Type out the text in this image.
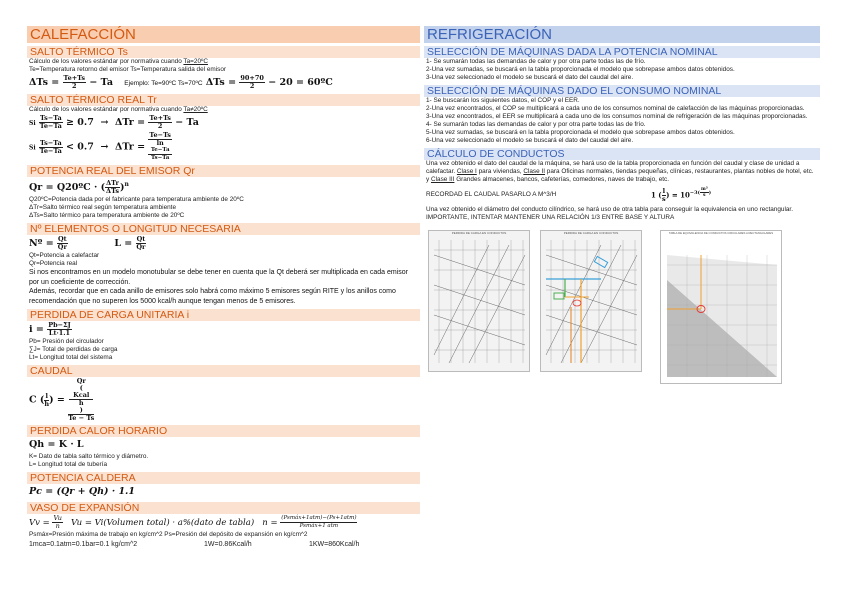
CALEFACCIÓN
SALTO TÉRMICO Ts
Cálculo de los valores estándar por normativa cuando Ta=20ºC
Te=Temperatura retorno del emisor Ts=Temperatura salida del emisor
$\Delta Ts = \frac{Te+Ts}{2} - Ta$ Ejemplo: Te=90ºC Ts=70ºC $\Delta Ts = \frac{90+70}{2} - 20$ = 60ºC
SALTO TÉRMICO REAL Tr
Cálculo de los valores estándar por normativa cuando Ta≠20ºC
Si $\frac{Ts-Ta}{Te-Ta} \ge 0.7 \to \Delta Tr = \frac{Te+Ts}{2} - Ta$
Si $\frac{Ts-Ta}{Te-Ta} < 0.7 \to \Delta Tr = Te-Ts$
ln
Te−Ta
Ts−Ta
POTENCIA REAL DEL EMISOR Qr
Qr = Q20ºC · ( $\frac{\text{ΔTr}}{\text{ΔTs}} )^n$
Q20ºC=Potencia dada por el fabricante para temperatura ambiente de 20ºC
ΔTr=Salto térmico real según temperatura ambiente
ΔTs=Salto térmico para temperatura ambiente de 20ºC
Nº ELEMENTOS O LONGITUD NECESARIA
Nº = $\frac{Qt}{Qr}$	$L = \frac{Qt}{Qr}$
Qt=Potencia a calefactar
Qr=Potencia real
Si nos encontramos en un modelo monotubular se debe tener en cuenta que la Qt deberá ser multiplicada en cada emisor por un coeficiente de corrección.
Además, recordar que en cada anillo de emisores solo habrá como máximo 5 emisores según RITE y los anillos como recomendación que no superen los 5000 kcal/h aunque tengan menos de 5 emisores.
PERDIDA DE CARGA UNITARIA i
$i = \frac{Pb-\Sigma J}{Lt\cdot 1.1}$
Pb= Presión del circulador
∑J= Total de perdidas de carga
Lt= Longitud total del sistema
CAUDAL
C ( $\frac{l}{h}$ ) = Qr
(
Kcal
h
)
Te − Ts
PERDIDA CALOR HORARIO
Qh = K · L
K= Dato de tabla salto térmico y diámetro.
L= Longitud total de tubería
POTENCIA CALDERA
Pc = (Qr + Qh) · 1.1
VASO DE EXPANSIÓN
$Vv = \frac{Vu}{n}$ Vu = Vi(Volumen total) · a%(dato de tabla) $n = \frac{\text{(Psmáx+1atm)−(Ps+1atm)}}{\text{Psmáx+1 atm}}$
Psmáx=Presión máxima de trabajo en kg/cm^2 Ps=Presión del depósito de expansión en kg/cm^2
1mca=0.1atm=0.1bar=0.1 kg/cm^2	1W=0.86Kcal/h	1KW=860Kcal/h
REFRIGERACIÓN
SELECCIÓN DE MÁQUINAS DADA LA POTENCIA NOMINAL
1- Se sumarán todas las demandas de calor y por otra parte todas las de frío.
2-Una vez sumadas, se buscará en la tabla proporcionada el modelo que sobrepase ambos datos obtenidos.
3-Una vez seleccionado el modelo se buscará el dato del caudal del aire.
SELECCIÓN DE MÁQUINAS DADO EL CONSUMO NOMINAL
1- Se buscarán los siguientes datos, el COP y el EER.
2-Una vez encontrados, el COP se multiplicará a cada uno de los consumos nominal de calefacción de las máquinas proporcionadas.
3-Una vez encontrados, el EER se multiplicará a cada uno de los consumos nominal de refrigeración de las máquinas proporcionadas.
4- Se sumarán todas las demandas de calor y por otra parte todas las de frío.
5-Una vez sumadas, se buscará en la tabla proporcionada el modelo que sobrepase ambos datos obtenidos.
6-Una vez seleccionado el modelo se buscará el dato del caudal del aire.
CÁLCULO DE CONDUCTOS
Una vez obtenido el dato del caudal de la máquina, se hará uso de la tabla proporcionada en función del caudal y clase de unidad a calefactar. Clase I para viviendas, Clase II para Oficinas normales, tiendas pequeñas, clínicas, restaurantes, plantas nobles de hotel, etc. y Clase III Grandes almacenes, bancos, cafeterías, comedores, naves de trabajo, etc.
RECORDAD EL CAUDAL PASARLO A M^3/H	1 ( $\frac{l}{s}$ ) = $10^{-3( \frac{\text{m³}}{s} )}$
Una vez obtenido el diámetro del conducto cilíndrico, se hará uso de otra tabla para conseguir la equivalencia en uno rectangular.
IMPORTANTE, INTENTAR MANTENER UNA RELACIÓN 1/3 ENTRE BASE Y ALTURA
PERDIDA DE CARGA EN CONDUCTOS	PERDIDA DE CARGA EN CONDUCTOS	TABLA DE EQUIVALENCIA DE CONDUCTOS CIRCULARES A RECTANGULARES
